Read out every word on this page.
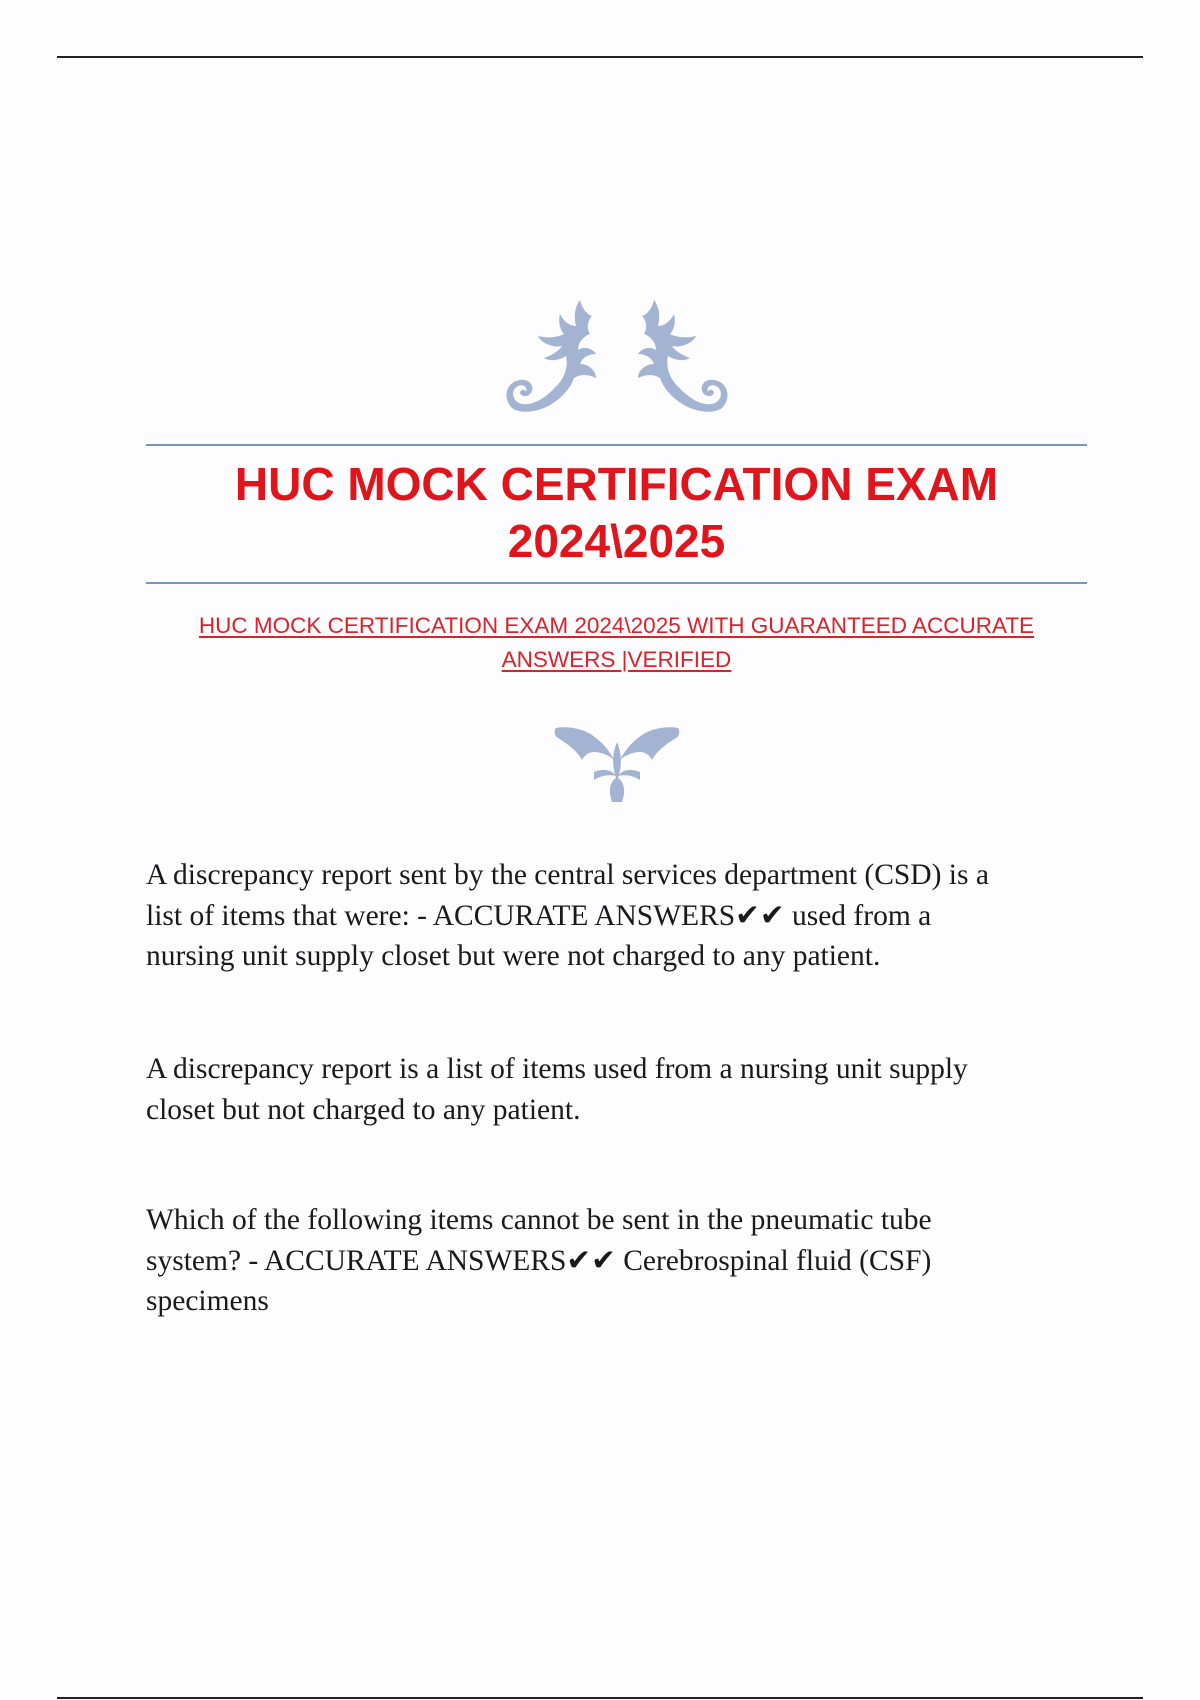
HUC MOCK CERTIFICATION EXAM
2024\2025

HUC MOCK CERTIFICATION EXAM 2024\2025 WITH GUARANTEED ACCURATE
ANSWERS |VERIFIED

A discrepancy report sent by the central services department (CSD) is a
list of items that were: - ACCURATE ANSWERS✔✔ used from a
nursing unit supply closet but were not charged to any patient.

A discrepancy report is a list of items used from a nursing unit supply
closet but not charged to any patient.

Which of the following items cannot be sent in the pneumatic tube
system? - ACCURATE ANSWERS✔✔ Cerebrospinal fluid (CSF)
specimens
